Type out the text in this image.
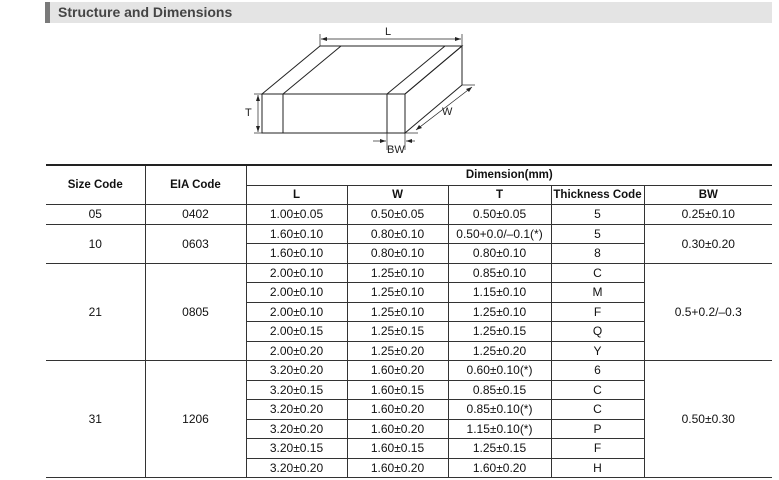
Structure and Dimensions
L
T	W
BW
Size Code	EIA Code	Dimension(mm)				
		L	W	T	Thickness Code	BW
05	0402	1.00±0.05	0.50±0.05	0.50±0.05	5	0.25±0.10
10	0603	1.60±0.10	0.80±0.10	0.50+0.0/–0.1(*)	5	0.30±0.20
		1.60±0.10	0.80±0.10	0.80±0.10	8	
21	0805	2.00±0.10	1.25±0.10	0.85±0.10	C	0.5+0.2/–0.3
		2.00±0.10	1.25±0.10	1.15±0.10	M	
		2.00±0.10	1.25±0.10	1.25±0.10	F	
		2.00±0.15	1.25±0.15	1.25±0.15	Q	
		2.00±0.20	1.25±0.20	1.25±0.20	Y	
31	1206	3.20±0.20	1.60±0.20	0.60±0.10(*)	6	0.50±0.30
		3.20±0.15	1.60±0.15	0.85±0.15	C	
		3.20±0.20	1.60±0.20	0.85±0.10(*)	C	
		3.20±0.20	1.60±0.20	1.15±0.10(*)	P	
		3.20±0.15	1.60±0.15	1.25±0.15	F	
		3.20±0.20	1.60±0.20	1.60±0.20	H	
